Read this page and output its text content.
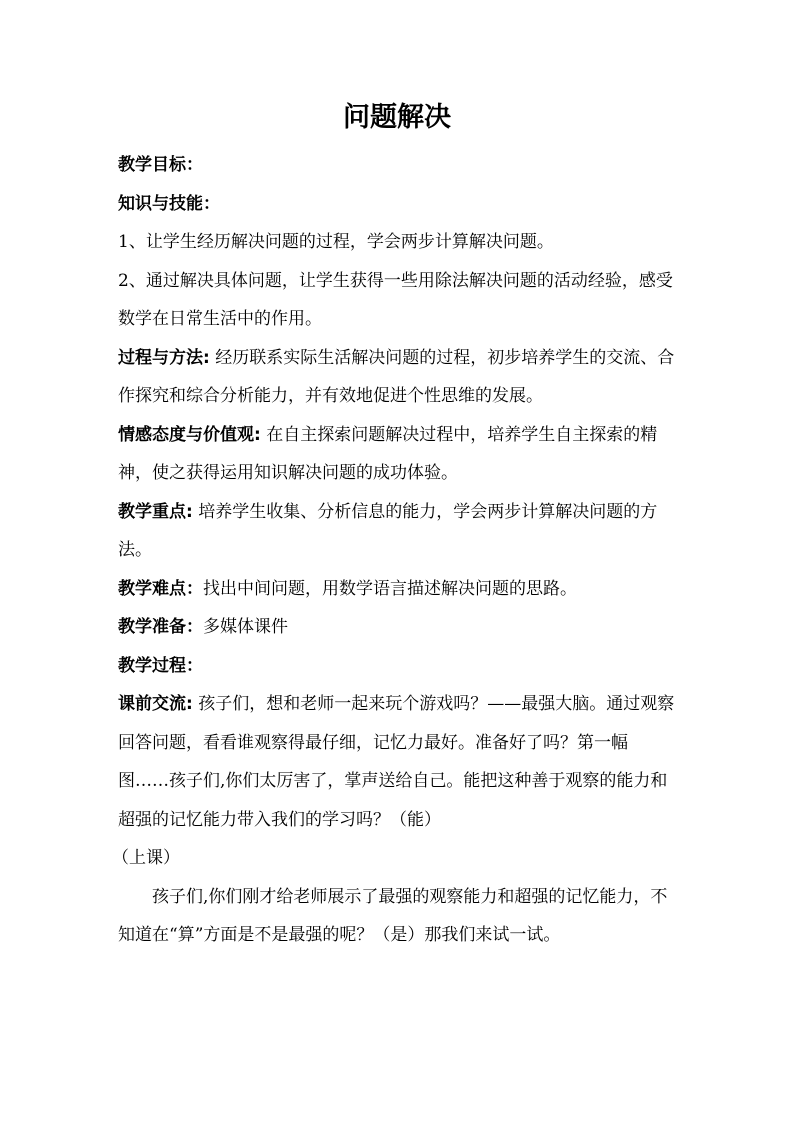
问题解决

教学目标：

知识与技能：

1、让学生经历解决问题的过程，学会两步计算解决问题。

2、通过解决具体问题，让学生获得一些用除法解决问题的活动经验，感受数学在日常生活中的作用。

过程与方法: 经历联系实际生活解决问题的过程，初步培养学生的交流、合作探究和综合分析能力，并有效地促进个性思维的发展。

情感态度与价值观: 在自主探索问题解决过程中，培养学生自主探索的精神，使之获得运用知识解决问题的成功体验。

教学重点: 培养学生收集、分析信息的能力，学会两步计算解决问题的方法。

教学难点：找出中间问题，用数学语言描述解决问题的思路。

教学准备：多媒体课件

教学过程：

课前交流: 孩子们，想和老师一起来玩个游戏吗？——最强大脑。通过观察回答问题，看看谁观察得最仔细，记忆力最好。准备好了吗？第一幅图……孩子们,你们太厉害了，掌声送给自己。能把这种善于观察的能力和超强的记忆能力带入我们的学习吗？（能）

（上课）

孩子们,你们刚才给老师展示了最强的观察能力和超强的记忆能力，不知道在“算”方面是不是最强的呢？（是）那我们来试一试。
